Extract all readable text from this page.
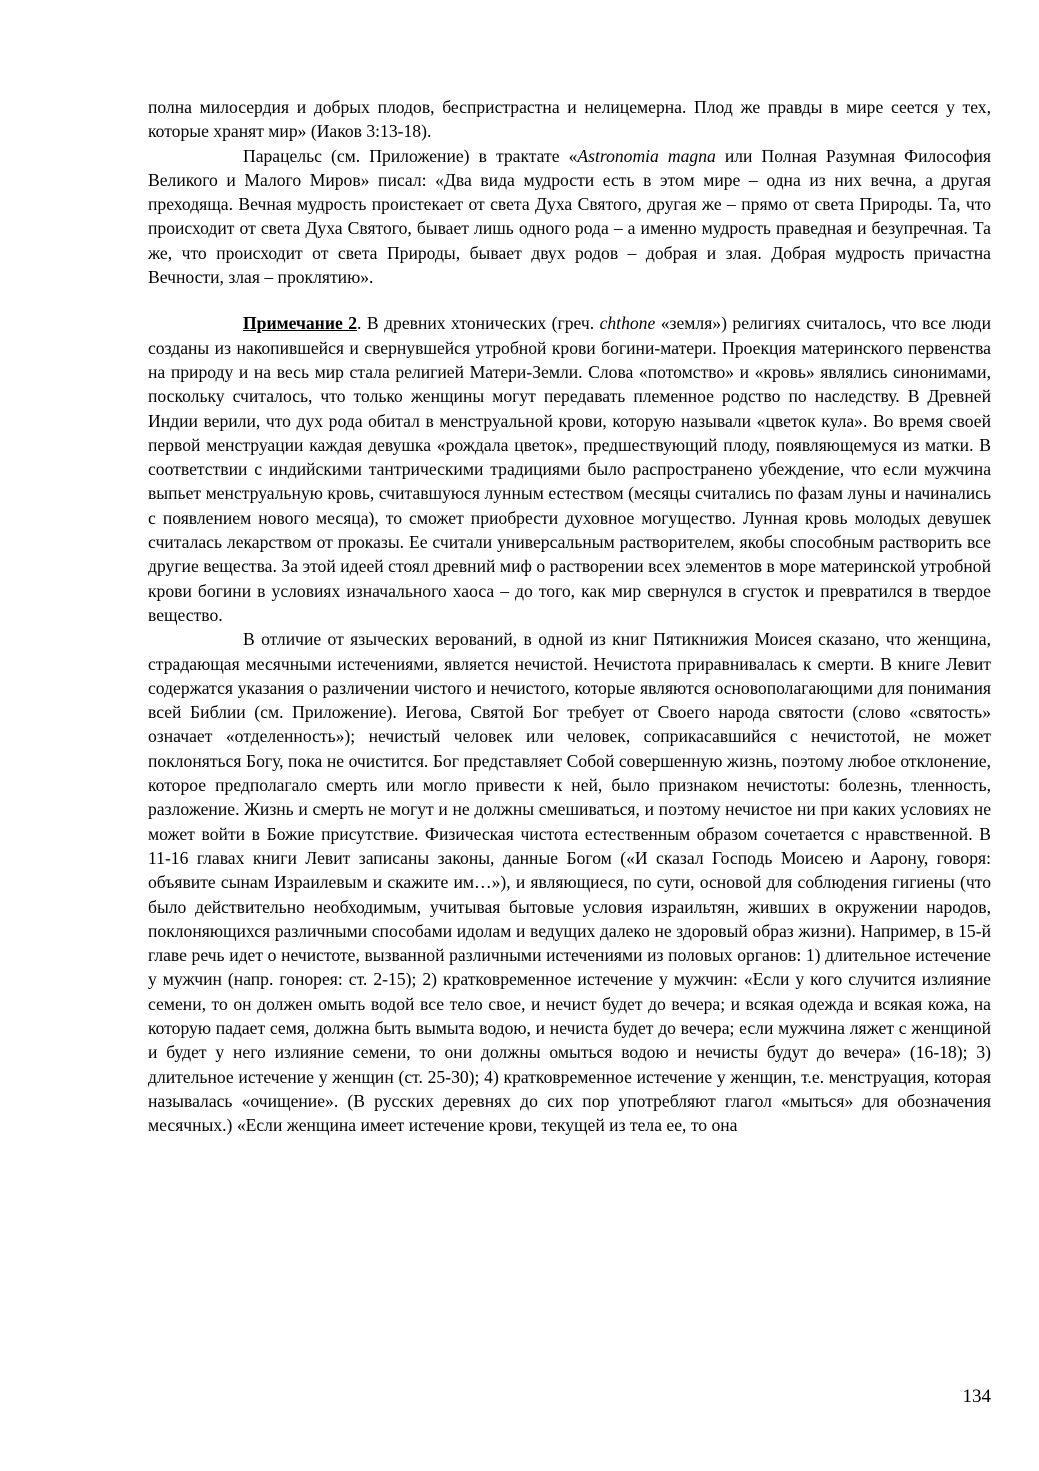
полна милосердия и добрых плодов, беспристрастна и нелицемерна. Плод же правды в мире сеется у тех, которые хранят мир» (Иаков 3:13-18).

Парацельс (см. Приложение) в трактате «Astronomia magna или Полная Разумная Философия Великого и Малого Миров» писал: «Два вида мудрости есть в этом мире – одна из них вечна, а другая преходяща. Вечная мудрость проистекает от света Духа Святого, другая же – прямо от света Природы. Та, что происходит от света Духа Святого, бывает лишь одного рода – а именно мудрость праведная и безупречная. Та же, что происходит от света Природы, бывает двух родов – добрая и злая. Добрая мудрость причастна Вечности, злая – проклятию».

Примечание 2. В древних хтонических (греч. chthone «земля») религиях считалось, что все люди созданы из накопившейся и свернувшейся утробной крови богини-матери. Проекция материнского первенства на природу и на весь мир стала религией Матери-Земли. Слова «потомство» и «кровь» являлись синонимами, поскольку считалось, что только женщины могут передавать племенное родство по наследству. В Древней Индии верили, что дух рода обитал в менструальной крови, которую называли «цветок кула». Во время своей первой менструации каждая девушка «рождала цветок», предшествующий плоду, появляющемуся из матки. В соответствии с индийскими тантрическими традициями было распространено убеждение, что если мужчина выпьет менструальную кровь, считавшуюся лунным естеством (месяцы считались по фазам луны и начинались с появлением нового месяца), то сможет приобрести духовное могущество. Лунная кровь молодых девушек считалась лекарством от проказы. Ее считали универсальным растворителем, якобы способным растворить все другие вещества. За этой идеей стоял древний миф о растворении всех элементов в море материнской утробной крови богини в условиях изначального хаоса – до того, как мир свернулся в сгусток и превратился в твердое вещество.

В отличие от языческих верований, в одной из книг Пятикнижия Моисея сказано, что женщина, страдающая месячными истечениями, является нечистой. Нечистота приравнивалась к смерти. В книге Левит содержатся указания о различении чистого и нечистого, которые являются основополагающими для понимания всей Библии (см. Приложение). Иегова, Святой Бог требует от Своего народа святости (слово «святость» означает «отделенность»); нечистый человек или человек, соприкасавшийся с нечистотой, не может поклоняться Богу, пока не очистится. Бог представляет Собой совершенную жизнь, поэтому любое отклонение, которое предполагало смерть или могло привести к ней, было признаком нечистоты: болезнь, тленность, разложение. Жизнь и смерть не могут и не должны смешиваться, и поэтому нечистое ни при каких условиях не может войти в Божие присутствие. Физическая чистота естественным образом сочетается с нравственной. В 11-16 главах книги Левит записаны законы, данные Богом («И сказал Господь Моисею и Аарону, говоря: объявите сынам Израилевым и скажите им…»), и являющиеся, по сути, основой для соблюдения гигиены (что было действительно необходимым, учитывая бытовые условия израильтян, живших в окружении народов, поклоняющихся различными способами идолам и ведущих далеко не здоровый образ жизни). Например, в 15-й главе речь идет о нечистоте, вызванной различными истечениями из половых органов: 1) длительное истечение у мужчин (напр. гонорея: ст. 2-15); 2) кратковременное истечение у мужчин: «Если у кого случится излияние семени, то он должен омыть водой все тело свое, и нечист будет до вечера; и всякая одежда и всякая кожа, на которую падает семя, должна быть вымыта водою, и нечиста будет до вечера; если мужчина ляжет с женщиной и будет у него излияние семени, то они должны омыться водою и нечисты будут до вечера» (16-18); 3) длительное истечение у женщин (ст. 25-30); 4) кратковременное истечение у женщин, т.е. менструация, которая называлась «очищение». (В русских деревнях до сих пор употребляют глагол «мыться» для обозначения месячных.) «Если женщина имеет истечение крови, текущей из тела ее, то она

134
